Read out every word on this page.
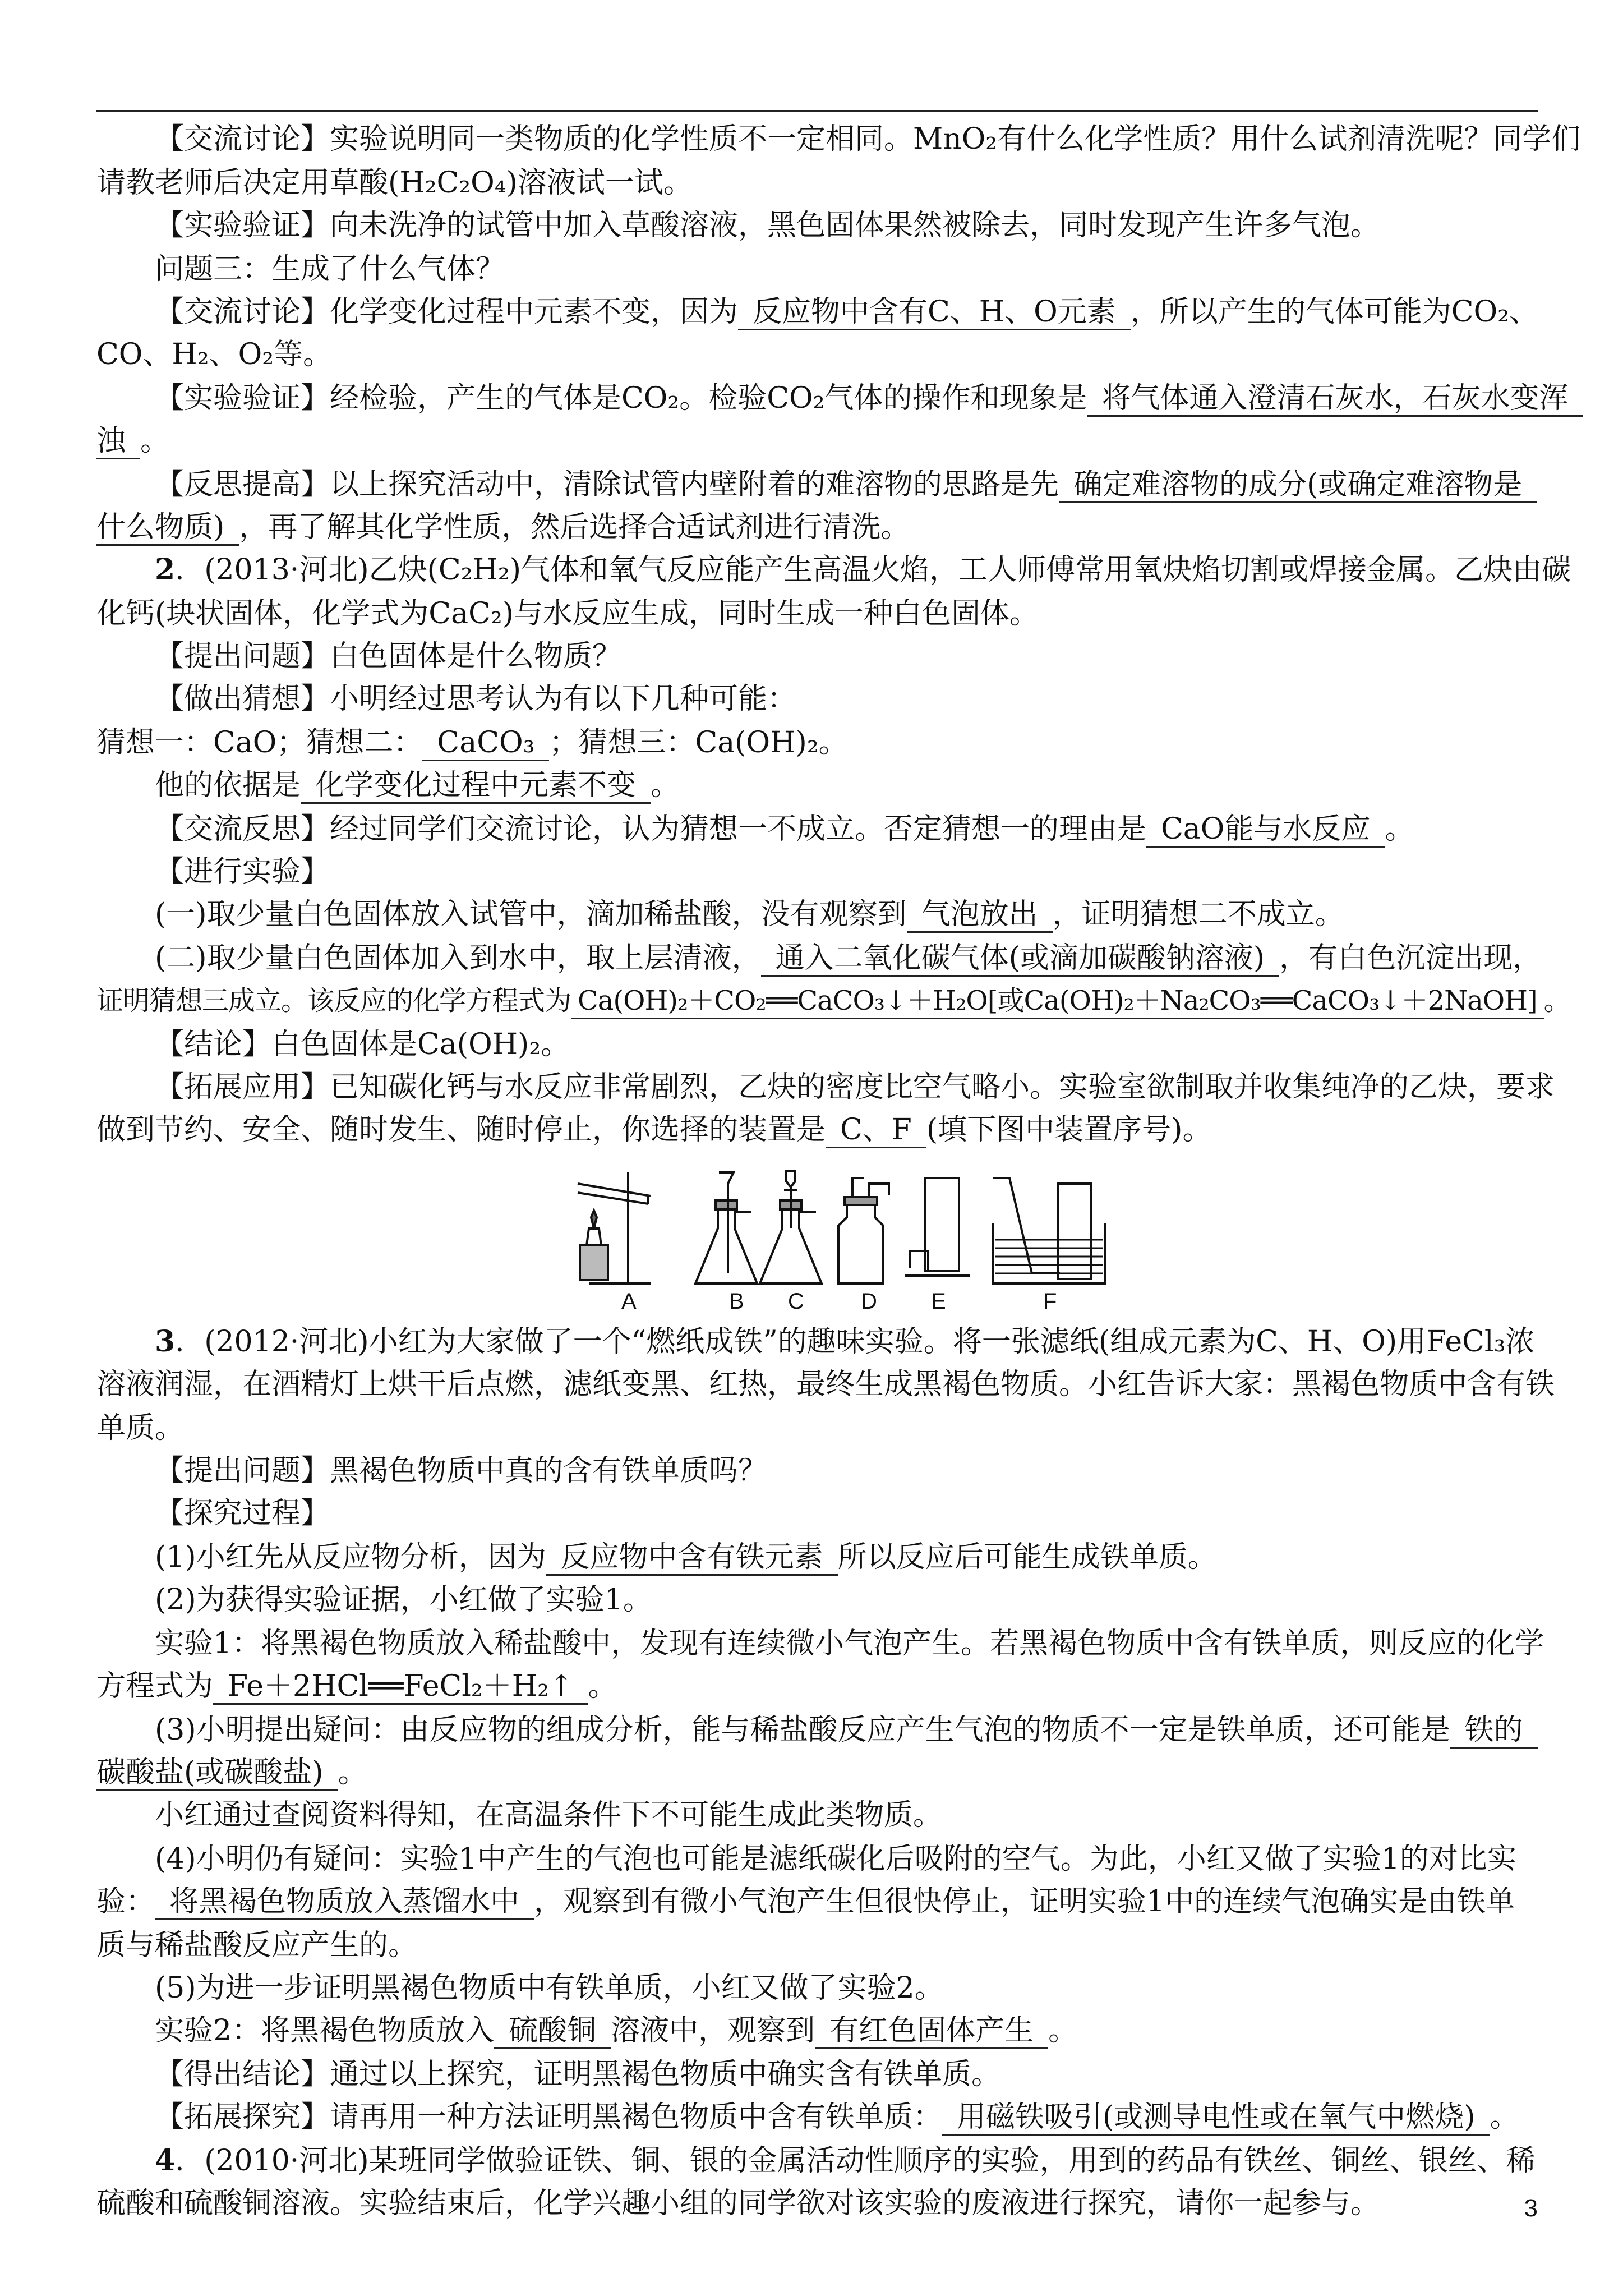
【交流讨论】实验说明同一类物质的化学性质不一定相同。MnO₂有什么化学性质？用什么试剂清洗呢？同学们
请教老师后决定用草酸(H₂C₂O₄)溶液试一试。
【实验验证】向未洗净的试管中加入草酸溶液，黑色固体果然被除去，同时发现产生许多气泡。
问题三：生成了什么气体？
【交流讨论】化学变化过程中元素不变，因为 反应物中含有C、H、O元素 ，所以产生的气体可能为CO₂、
CO、H₂、O₂等。
【实验验证】经检验，产生的气体是CO₂。检验CO₂气体的操作和现象是 将气体通入澄清石灰水，石灰水变浑
浊 。
【反思提高】以上探究活动中，清除试管内壁附着的难溶物的思路是先 确定难溶物的成分(或确定难溶物是
什么物质) ，再了解其化学性质，然后选择合适试剂进行清洗。
2．(2013·河北)乙炔(C₂H₂)气体和氧气反应能产生高温火焰，工人师傅常用氧炔焰切割或焊接金属。乙炔由碳
化钙(块状固体，化学式为CaC₂)与水反应生成，同时生成一种白色固体。
【提出问题】白色固体是什么物质？
【做出猜想】小明经过思考认为有以下几种可能：
猜想一：CaO；猜想二： CaCO₃ ；猜想三：Ca(OH)₂。
他的依据是 化学变化过程中元素不变 。
【交流反思】经过同学们交流讨论，认为猜想一不成立。否定猜想一的理由是 CaO能与水反应 。
【进行实验】
(一)取少量白色固体放入试管中，滴加稀盐酸，没有观察到 气泡放出 ，证明猜想二不成立。
(二)取少量白色固体加入到水中，取上层清液， 通入二氧化碳气体(或滴加碳酸钠溶液) ，有白色沉淀出现，
证明猜想三成立。该反应的化学方程式为 Ca(OH)₂＋CO₂══CaCO₃↓＋H₂O[或Ca(OH)₂＋Na₂CO₃══CaCO₃↓＋2NaOH] 。
【结论】白色固体是Ca(OH)₂。
【拓展应用】已知碳化钙与水反应非常剧烈，乙炔的密度比空气略小。实验室欲制取并收集纯净的乙炔，要求
做到节约、安全、随时发生、随时停止，你选择的装置是 C、F (填下图中装置序号)。
A	B C	D E	F
3．(2012·河北)小红为大家做了一个“燃纸成铁”的趣味实验。将一张滤纸(组成元素为C、H、O)用FeCl₃浓
溶液润湿，在酒精灯上烘干后点燃，滤纸变黑、红热，最终生成黑褐色物质。小红告诉大家：黑褐色物质中含有铁
单质。
【提出问题】黑褐色物质中真的含有铁单质吗？
【探究过程】
(1)小红先从反应物分析，因为 反应物中含有铁元素 所以反应后可能生成铁单质。
(2)为获得实验证据，小红做了实验1。
实验1：将黑褐色物质放入稀盐酸中，发现有连续微小气泡产生。若黑褐色物质中含有铁单质，则反应的化学
方程式为 Fe＋2HCl══FeCl₂＋H₂↑ 。
(3)小明提出疑问：由反应物的组成分析，能与稀盐酸反应产生气泡的物质不一定是铁单质，还可能是 铁的
碳酸盐(或碳酸盐) 。
小红通过查阅资料得知，在高温条件下不可能生成此类物质。
(4)小明仍有疑问：实验1中产生的气泡也可能是滤纸碳化后吸附的空气。为此，小红又做了实验1的对比实
验： 将黑褐色物质放入蒸馏水中 ，观察到有微小气泡产生但很快停止，证明实验1中的连续气泡确实是由铁单
质与稀盐酸反应产生的。
(5)为进一步证明黑褐色物质中有铁单质，小红又做了实验2。
实验2：将黑褐色物质放入 硫酸铜 溶液中，观察到 有红色固体产生 。
【得出结论】通过以上探究，证明黑褐色物质中确实含有铁单质。
【拓展探究】请再用一种方法证明黑褐色物质中含有铁单质： 用磁铁吸引(或测导电性或在氧气中燃烧) 。
4．(2010·河北)某班同学做验证铁、铜、银的金属活动性顺序的实验，用到的药品有铁丝、铜丝、银丝、稀
硫酸和硫酸铜溶液。实验结束后，化学兴趣小组的同学欲对该实验的废液进行探究，请你一起参与。	3
